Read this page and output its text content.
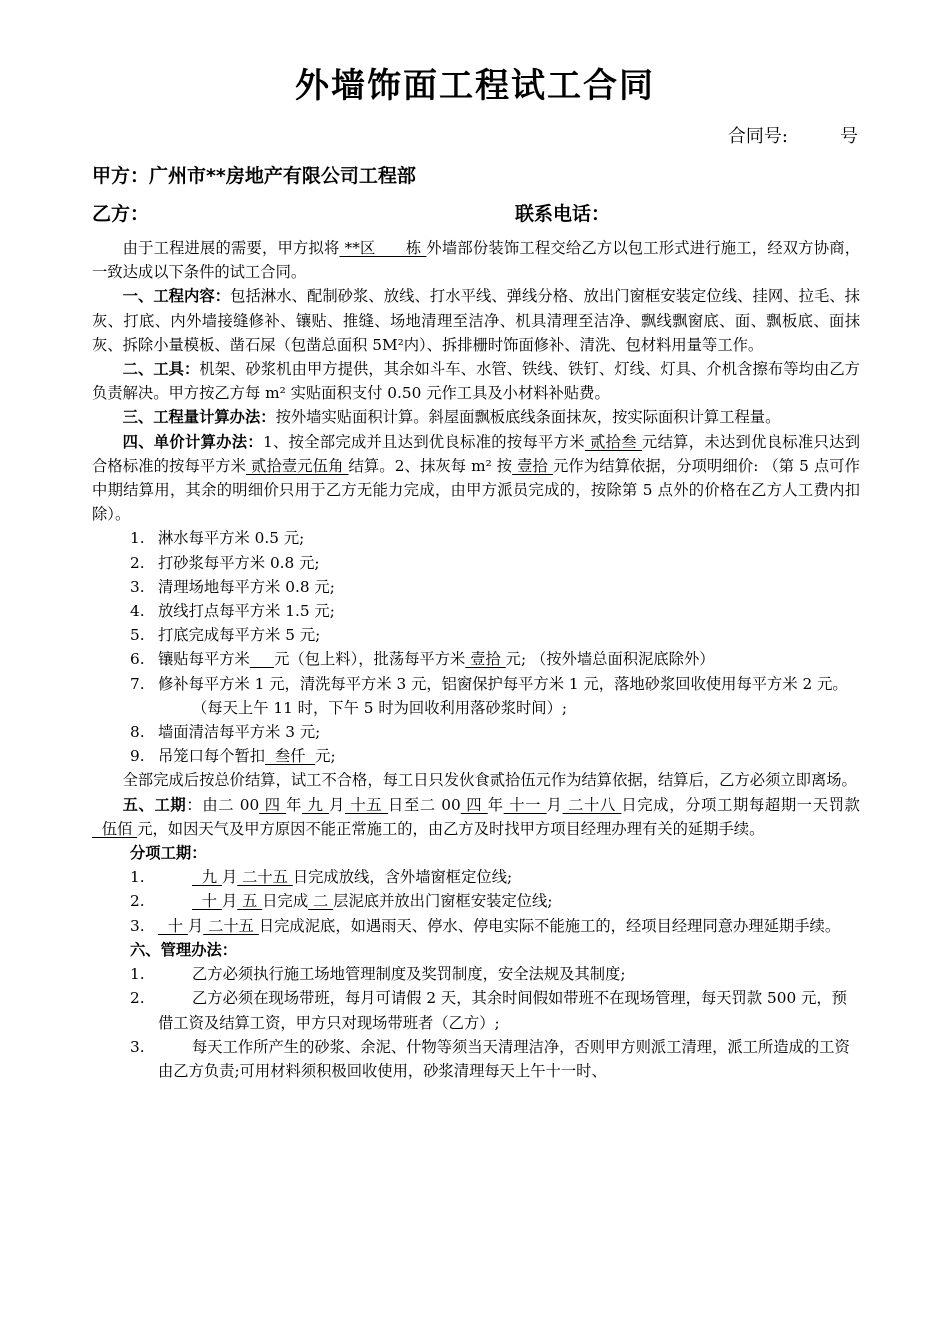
外墙饰面工程试工合同
合同号:	号
甲方：广州市**房地产有限公司工程部
乙方：	联系电话：

由于工程进展的需要，甲方拟将 **区      栋 外墙部份装饰工程交给乙方以包工形式进行施工，经双方协商，一致达成以下条件的试工合同。

一、工程内容：包括淋水、配制砂浆、放线、打水平线、弹线分格、放出门窗框安装定位线、挂网、拉毛、抹灰、打底、内外墙接缝修补、镶贴、推缝、场地清理至洁净、机具清理至洁净、飘线飘窗底、面、飘板底、面抹灰、拆除小量模板、凿石屎（包凿总面积 5M²内）、拆排栅时饰面修补、清洗、包材料用量等工作。

二、工具：机架、砂浆机由甲方提供，其余如斗车、水管、铁线、铁钉、灯线、灯具、介机含擦布等均由乙方负责解决。甲方按乙方每 m² 实贴面积支付 0.50 元作工具及小材料补贴费。

三、工程量计算办法：按外墙实贴面积计算。斜屋面飘板底线条面抹灰，按实际面积计算工程量。

四、单价计算办法：1、按全部完成并且达到优良标准的按每平方米 贰拾叁 元结算，未达到优良标准只达到合格标准的按每平方米 贰拾壹元伍角 结算。2、抹灰每 m² 按 壹拾 元作为结算依据，分项明细价: （第 5 点可作中期结算用，其余的明细价只用于乙方无能力完成，由甲方派员完成的，按除第 5 点外的价格在乙方人工费内扣除）。

1. 淋水每平方米 0.5 元;
2. 打砂浆每平方米 0.8 元;
3. 清理场地每平方米 0.8 元;
4. 放线打点每平方米 1.5 元;
5. 打底完成每平方米 5 元;
6. 镶贴每平方米 元（包上料），批荡每平方米 壹拾 元; （按外墙总面积泥底除外）
7. 修补每平方米 1 元，清洗每平方米 3 元，铝窗保护每平方米 1 元，落地砂浆回收使用每平方米 2 元。（每天上午 11 时，下午 5 时为回收利用落砂浆时间）;
8. 墙面清洁每平方米 3 元;
9. 吊笼口每个暂扣  叁仟  元;

全部完成后按总价结算，试工不合格，每工日只发伙食贰拾伍元作为结算依据，结算后，乙方必须立即离场。

五、工期：由二 00 四 年 九 月 十五 日至二 00 四 年 十一 月 二十八 日完成，分项工期每超期一天罚款  伍佰 元，如因天气及甲方原因不能正常施工的，由乙方及时找甲方项目经理办理有关的延期手续。

分项工期：

1.	九 月 二十五 日完成放线，含外墙窗框定位线;
2.	十 月 五 日完成 二 层泥底并放出门窗框安装定位线;
3. 十 月 二十五 日完成泥底，如遇雨天、停水、停电实际不能施工的，经项目经理同意办理延期手续。

六、管理办法：

1.	乙方必须执行施工场地管理制度及奖罚制度，安全法规及其制度;
2.	乙方必须在现场带班，每月可请假 2 天，其余时间假如带班不在现场管理，每天罚款 500 元，预借工资及结算工资，甲方只对现场带班者（乙方）;
3.	每天工作所产生的砂浆、余泥、什物等须当天清理洁净，否则甲方则派工清理，派工所造成的工资由乙方负责;可用材料须积极回收使用，砂浆清理每天上午十一时、
